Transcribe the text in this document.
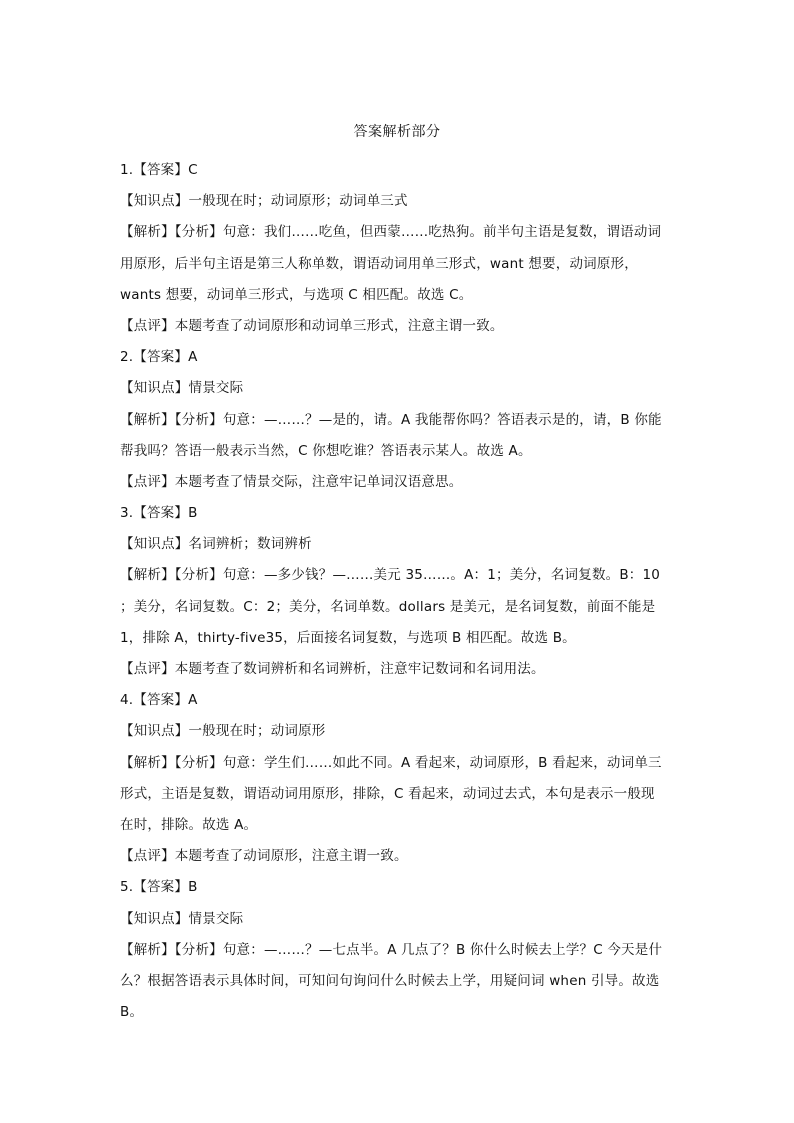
答案解析部分
1.【答案】C
【知识点】一般现在时；动词原形；动词单三式
【解析】【分析】句意：我们……吃鱼，但西蒙……吃热狗。前半句主语是复数，谓语动词
用原形，后半句主语是第三人称单数，谓语动词用单三形式，want 想要，动词原形，
wants 想要，动词单三形式，与选项 C 相匹配。故选 C。
【点评】本题考查了动词原形和动词单三形式，注意主谓一致。
2.【答案】A
【知识点】情景交际
【解析】【分析】句意：—……？—是的，请。A 我能帮你吗？答语表示是的，请，B 你能
帮我吗？答语一般表示当然，C 你想吃谁？答语表示某人。故选 A。
【点评】本题考查了情景交际，注意牢记单词汉语意思。
3.【答案】B
【知识点】名词辨析；数词辨析
【解析】【分析】句意：—多少钱？—……美元 35……。A：1；美分，名词复数。B：10
；美分，名词复数。C：2；美分，名词单数。dollars 是美元，是名词复数，前面不能是
1，排除 A，thirty-five35，后面接名词复数，与选项 B 相匹配。故选 B。
【点评】本题考查了数词辨析和名词辨析，注意牢记数词和名词用法。
4.【答案】A
【知识点】一般现在时；动词原形
【解析】【分析】句意：学生们……如此不同。A 看起来，动词原形，B 看起来，动词单三
形式，主语是复数，谓语动词用原形，排除，C 看起来，动词过去式，本句是表示一般现
在时，排除。故选 A。
【点评】本题考查了动词原形，注意主谓一致。
5.【答案】B
【知识点】情景交际
【解析】【分析】句意：—……？—七点半。A 几点了？B 你什么时候去上学？C 今天是什
么？根据答语表示具体时间，可知问句询问什么时候去上学，用疑问词 when 引导。故选
B。
